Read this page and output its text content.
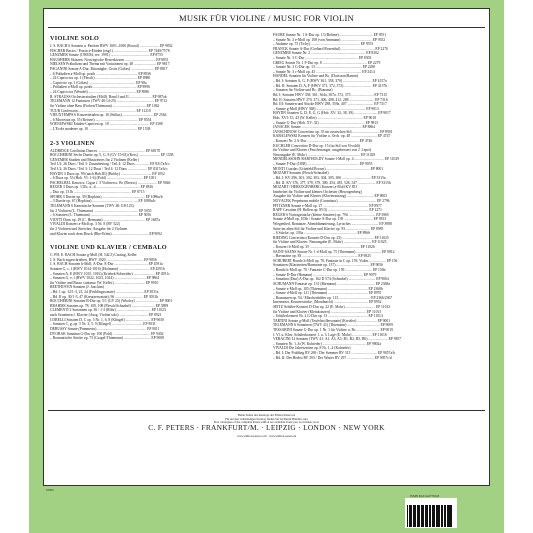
MUSIK FÜR VIOLINE / MUSIC FOR VIOLIN
VIOLINE SOLO
J. S. BACH 6 Sonaten u. Partiten BWV 1001–1006 (Rostal) ..................... EP 9852
FISCHER Basics / Practice-Etüden (engl.) ..................................... EP 7449/7578
GENZMER Sonate (1983/84, rev. 1991) .......................................... EP 8755
HAUSHERR Skizzen. Norwegische Reiseskizzen ................................. EP 8851
NIELSEN Präludium und Thema mit Variationen op. 48 ........................ EP 9817
PAGANINI Sonate A-Dur, Ritornäghe, Gistis (Gökes) ......................... EP 8817
– 6 Präludien a-Moll op. posth ............................................. EP 8936
– 24 Capriccios op. 1 (Flesch) ............................................. EP 8980
– Capriccio op. 1 (Gökes) .................................................. EP 98a
– Präludien a-Moll op. posth ............................................... EP 8996
– 24 Capriccios (Wendel) ................................................... EP 8986
R. STRAUSS Orchesterstudien (Möll), Band I und II ........................ EP 987ab
TELEMANN 12 Fantasien (TWV 40:14-25) ........................................ EP 9712
für Violine ohne Bass (Frohen/Thiemann) .................................... EP 1062
TÜÜR Confession .............................................................. EP 11210
VIEUXTEMPS 6 Konzertetüden op. 16 (Stilius) ................................. EP 2564
– 6 Morceaux op. 55 (Keisert) .............................................. EP 8554
WIENIAWSKI Etüden-Capricen op. 18 ........................................... EP 3308
– L'École moderne op. 10 .................................................... EP 1538
2-3 VIOLINEN
ALDRIDGE Carolinian Dances ................................................... EP 68170
BOCCHERINI Sechs Duette op. 5, G. 8 (GV 15-63) (Kers) ....................... EP 1338
GENZMER Studien und Musiziertes für 2 Violinen (Keller)
Teil 1/2: 26 Duos / Teil 3: Zusatzbeitrag / Teil 4: 12 Duos ............... EP 8317a/b/c
Teil 1/2: 26 Duos / Teil 3: 12 Duos / Teil 4: 12 Duos ..................... EP 8317a/b/c
HAYDN 3 Duos op. 99 (nach Hob.III) (Bobby) ................................. EP 1052
– 6 Duos op. 53 (Hob. VI: 1-6) (Pohl) ....................................... EP 1051
PACHELBEL Kanon u. Gigue f. 3 Violinen u. Bc (Bresso) ..................... EP 9046
REGER 3 Duos op. 131b, a.. d. .............................................. EP 8816
– Duo op. 131b .............................................................. EP 8715
SPOHR 3 Duette op. 39 (Hopkins) .............................................. EP 1086a/b
– 3 Duette op. 67 (Hopkins) ................................................. EP 1088a/b
TELEMANN 6 Kanonische Sonaten (TWV 40:118-123)
für 2 Violinen (L. Thiemann) ................................................ EP 5055
– 6 Sonaten (L. Thiemann) ................................................... EP 5056
VIOTTI Duos op. 29 (C. Hermann) ............................................. EP 1687a
VIVALDI Konzert a-Moll op. 3 Nr. 8 (RV 522)
für 2 Violinen und Streicher, Ausgabe für 2 Violinen
und Klavier nach dem Druck (Rhe-Erbm) ....................................... EP 9092
VIOLINE UND KLAVIER / CEMBALO
C. PH. E. BACH Sonate g-Moll (H. 542.5) Casting, Keller
J. S. Bach zugeschrieben, BWV 1020 ........................................ EP 9856
J. S. BACH Sonaten h-Moll, A-Dur, E-Dur .................................... EP 4591a
Sonaten G, c, f (BWV 1014-1016) (Hofmann) ................................. EP 4591b
– Sonaten A, E (BWV 1015, 1016) (Kriebek/Schneider) ....................... EP 4591c
– Sonaten G, e, f (BWV 1022, 1023, 1024) .................................. EP 9864
für Violine und Basso continuo (W. Keller) ................................. EP 9910
BEETHOVEN Sonaten (J. Joachim)
– Bd. 1 op. 12/1-3, 23, 24 (Frühlingssonate) .............................. EP 3031a
– Bd. II op. 30/1-3, 47 (Kreutzersonate), 96 .............................. EP 3031b
BOCCHERINI Sonaten B-Dur op. 5/1 (GV 25) (Wooley) ......................... EP 9001
BRAHMS Sonaten op. 78, 100, 108 (Flesch/Schnabel) ......................... EP 3899
CLEMENTI 3 Sonatinen op. 36 / 1-3 (Röhr) ..................................... EP 11023
nach Sonatinen f. Klavier (Ausg. Violine solo) ............................... EP 8921
CORELLI Sonaten D, C op. 5 Nr. 1, 6, 8 (Klingel) ........................... EP 9030
– Sonaten C, g, op. 5 Nr. 3, 5, 9 (Klingel) ................................. EP 9031
DEBUSSY Sonate (Pommerin) ..................................................... EP 9011
DVOŘÁK Sonatina G-Dur op. 100 (Pohl) ........................................ EP 9402
– Romantische Stücke op. 75 (Gorgel-Thiemann) ............................. EP 9008
FAURÉ Sonate Nr. 1 A-Dur op. 13 (Böhme) .................................... EP 9551
– Sonate Nr. 2 e-Moll op. 108 (von Ammann) ................................. EP 9552
– Andante op. 75 (Tichy) ..................................................... EP 9553
FRANCK Sonate A-Dur (Gerhard Rosenthal) .................................... EP 2270
GENZMER Sonate Nr. 2 ........................................................... EP 8302
– Sonate Nr. 3 C-Dur ......................................................... EP 8303
GRIEG Sonate Nr. 1 F-Dur op. 8 ................................................ EP 2279
– Sonate Nr. 2 G-Dur op. 13 .................................................. EP 2280
– Sonate Nr. 3 c-Moll op. 45 ................................................. EP 2414
HÄNDEL Sonaten für Violine und Bc. (Davisson/Ramin)
– Bd. I: Sonaten A, G, F (HWV 361, 358, 370) ............................... EP 4157a
– Bd. II: Sonaten D, A, F (HWV 371, 372, 373) .............................. EP 4157b
– Sonaten für Violine und Bc. (Bonsma)
Bd. I: Sonaten HWV 358, 361, 364a, 367a, 372, 373 ........................ EP 7315
Bd. II: Sonaten HWV 370, 371, 406, 408, 412, 288 ........................... EP 7316
Bd. III: Sonaten und Stücke HWV 288, 359a, 407 ............................ EP 7317
– Sonate g-Moll (HWV 368) ..................................................... EP 9013
HAYDN Sonaten G, D, E, G, G (Hob. XV: 32, 38, 39) ......................... EP 9017
Hob. XVI: 15, 43 (W. Keller) ................................................. EP 9018
– Sonate G-Dur (Hob. XV: 32) ................................................. EP 9815
JANÁČEK Sonate ................................................................. EP 8864
JANSCHINOW Concertino op. 35 im russischen Stil ............................. EP 8901
KABALEWSKI Konzert für Violine u. Orch. op. 48 ............................ EP 4747
– Konzert Nr. 2 A-Dur ........................................................ EP 4746
KÜCHLER Concertino D-Dur op. 15 (im Stil von Vivaldi)
für Violine und Klavier (Feuchtwanger, ausgebessert von J. Leper)
Neuausgabe (E. Mohr) ......................................................... EP 11029
MENDELSSOHN BARTHOLDY Sonate f-Moll op. 4 ................................ EP 11029
– Sonate F-Dur (1838) ........................................................ EP 9055
MONTI Csardas (Grünfeld/Brown) ............................................... EP 8001
MOZART Sonaten (Flesch/Schnabel)
– Bd. I: KV 296, 301, 302, 303, 304, 305, 306 ............................... EP 3315a
– Bd. II: KV 376, 377, 378, 379, 380, 454, 481, 526, 547 ................... EP 3315b
MOZART / HERZOGENBERG Konzert a-Moll KV 851
bearbeitet für Violine und kleines Orchester (Herzogenberg)
Ausgabe für Violine und Klavier (Klavierauszug) ............................. EP 9003
NOVÁČEK Perpetuum mobile (Grumiaux) ......................................... EP 2796
PFITZNER Sonate e-Moll op. 27 ................................................. EP 8977
RAFF Cavatine (H. Bollen op. 85/3) ............................................ EP 1271
REGER 6 Vortragsstücke (kleine Sonaten) op. 79d ............................. EP 3965
Sonate d-Moll op. 103b / Sonate A-Dur op. 139 ............................... EP 9813
Wiegenlied, Romanze, Abenddämmerung, Lyrisches ............................. EP 3988
Suite im alten Stil für Violine und Klavier op. 93 .......................... EP 8985
– 6 Stücke, op. 103a ......................................................... EP 8966
RIEDING Concertino (Konzert D-Dur op. 25) .................................. EP 11025
für Violine und Klavier. Neuausgabe (E. Mohr) .............................. EP 11025
– Konzert h-Moll op. 35 ...................................................... EP 11026
SAINT-SAËNS Sonate Nr. 1 d-Moll op. 75 (Thiemann) ........................... EP 9812
– Havanaise op. 83 ............................................................ EP 9825
SCHUBERT Rondo h-Moll op. 70, Fantasie in C op. 159, Violin .................. EP 156
Sonatinen (Klarinetten/Harmonie op. 137) .................................... EP 9056
– Rondo h-Moll op. 70 / Fantasie C-Dur op. 159 ............................. EP 156b
– Sonate D-Dur (Hamann) ...................................................... EP 9079
– Sonatina (Duo) A-Dur op. 162 D 574 (Schnabel) ............................. EP 9064
SCHUMANN Fantasie op. 131 (Bärmann) ......................................... EP 2368a
– Sonate a-Moll op. 105 (Thiemann) ........................................... EP 2368b
– Sonate d-Moll op. 121 (Thiemann) ........................................... EP 8970
– Romanzen op. 94 / Märchenbilder op. 113 .................................. EP 2366/2367
Intermezzi, Konzertstücke, (Mondnacht) ..................................... EP 8952
SEITZ Schüler-Konzert D-Dur op. 22 (E. Mohr) ................................ EP 11012
für Violine und Klavier (Kleinkonzert) ...................................... EP 11013
– Schülerkonzert Nr. 2 G-Dur op. 13 ........................................... EP 11014
TARTINI Sonate g-Moll (Teufelstrillersonate) (Kreisler) ..................... EP 9001
TELEMANN 6 Sonatinen (TWV 41) (Thiemann) ................................... EP 9009
TESSARINI Sonate G-Dur op. 1 Nr. 1 für Violine u. Bc. ........................ EP 9019
f. Vl. u. Klav. Schülerkonzert 1. u. 3. Lage (E. Mohr) ..................... EP 11016
VERACINI 12 Sonaten (TWV 41: A1, A3, A5, B1, B2, B5, B6) ..................... EP 9857
– Sonaten Nr. 1–6 (W. Kolneder) ............................................... EP 9802a
VIVALDI Die Jahreszeiten op. 8 Nr. 1–4 (Kolneder)
– Bd. I: Der Frühling RV 269 / Der Sommer RV 315 ............................ EP 9057a/b
– Bd. II: Der Herbst RV 293 / Der Winter RV 297 ............................. EP 9057c/d
Beide Seiten des Katalogs der Edition Peters zu
Für ein den vollständigen Katalog finden Sie bei Ihrem Händler oder
Free catalogues of the complete Peters edition are available from your local music store
C. F. PETERS · FRANKFURT/M. · LEIPZIG · LONDON · NEW YORK
www.edition-peters.com · www.edition-peters.de
10000
ISMN M-014-07700-8
